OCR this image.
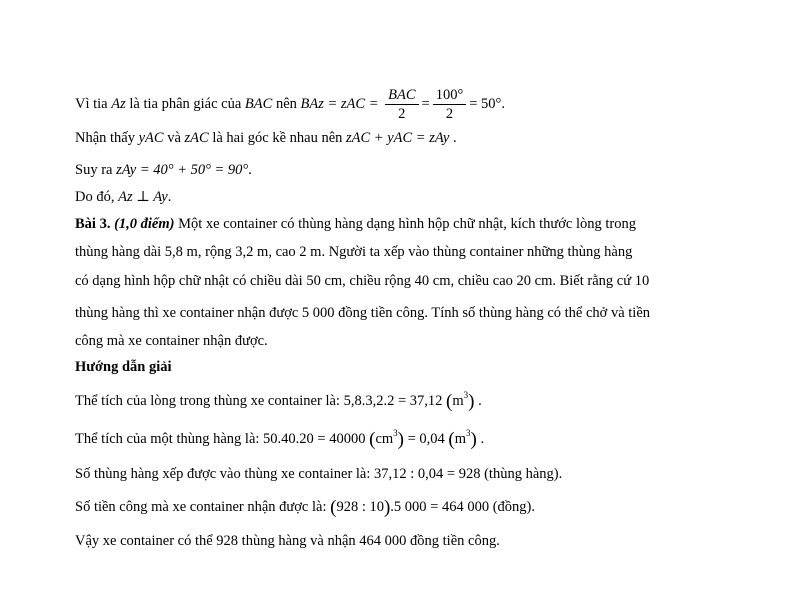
Vì tia Az là tia phân giác của BAC nên BAz = zAC = $\frac{\text{BAC}}{2} = \frac{100^\circ}{2} = 50^\circ$.
Nhận thấy yAC và zAC là hai góc kề nhau nên zAC + yAC = zAy .
Suy ra zAy = 40° + 50° = 90°.
Do đó, Az ⊥ Ay.
Bài 3. (1,0 điểm) Một xe container có thùng hàng dạng hình hộp chữ nhật, kích thước lòng trong
thùng hàng dài 5,8 m, rộng 3,2 m, cao 2 m. Người ta xếp vào thùng container những thùng hàng
có dạng hình hộp chữ nhật có chiều dài 50 cm, chiều rộng 40 cm, chiều cao 20 cm. Biết rằng cứ 10
thùng hàng thì xe container nhận được 5 000 đồng tiền công. Tính số thùng hàng có thể chở và tiền
công mà xe container nhận được.
Hướng dẫn giải
Thể tích của lòng trong thùng xe container là: 5,8.3,2.2 = 37,12 $(m^3)$ .
Thể tích của một thùng hàng là: 50.40.20 = 40000 $(cm^3) = 0,04$ $(m^3)$ .
Số thùng hàng xếp được vào thùng xe container là: 37,12 : 0,04 = 928 (thùng hàng).
Số tiền công mà xe container nhận được là: (928 : 10).5 000 = 464 000 (đồng).
Vậy xe container có thể 928 thùng hàng và nhận 464 000 đồng tiền công.
